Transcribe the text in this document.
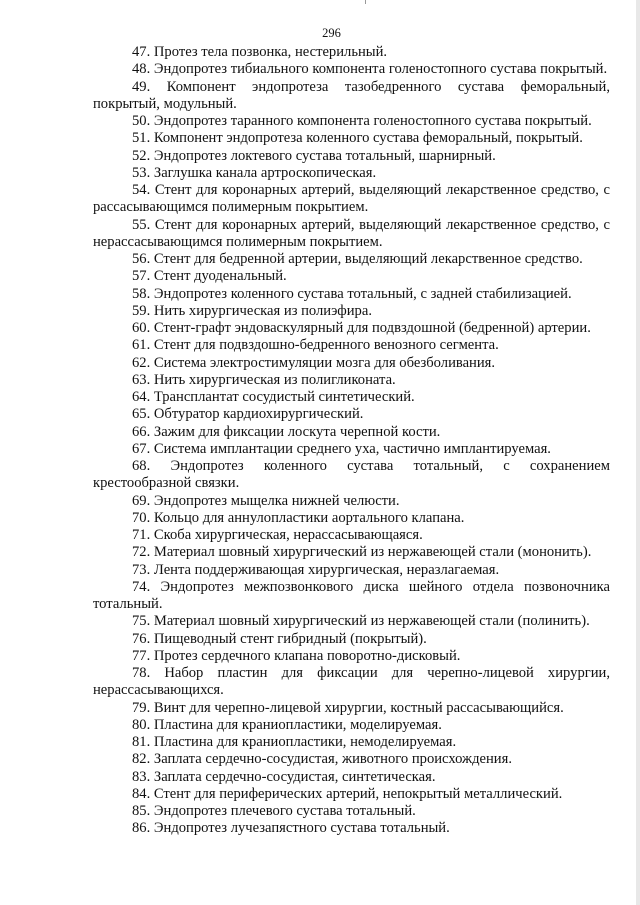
296

47. Протез тела позвонка, нестерильный.

48. Эндопротез тибиального компонента голеностопного сустава покрытый.

49. Компонент эндопротеза тазобедренного сустава феморальный, покрытый, модульный.

50. Эндопротез таранного компонента голеностопного сустава покрытый.

51. Компонент эндопротеза коленного сустава феморальный, покрытый.

52. Эндопротез локтевого сустава тотальный, шарнирный.

53. Заглушка канала артроскопическая.

54. Стент для коронарных артерий, выделяющий лекарственное средство, с рассасывающимся полимерным покрытием.

55. Стент для коронарных артерий, выделяющий лекарственное средство, с нерассасывающимся полимерным покрытием.

56. Стент для бедренной артерии, выделяющий лекарственное средство.

57. Стент дуоденальный.

58. Эндопротез коленного сустава тотальный, с задней стабилизацией.

59. Нить хирургическая из полиэфира.

60. Стент-графт эндоваскулярный для подвздошной (бедренной) артерии.

61. Стент для подвздошно-бедренного венозного сегмента.

62. Система электростимуляции мозга для обезболивания.

63. Нить хирургическая из полигликоната.

64. Трансплантат сосудистый синтетический.

65. Обтуратор кардиохирургический.

66. Зажим для фиксации лоскута черепной кости.

67. Система имплантации среднего уха, частично имплантируемая.

68. Эндопротез коленного сустава тотальный, с сохранением крестообразной связки.

69. Эндопротез мыщелка нижней челюсти.

70. Кольцо для аннулопластики аортального клапана.

71. Скоба хирургическая, нерассасывающаяся.

72. Материал шовный хирургический из нержавеющей стали (мононить).

73. Лента поддерживающая хирургическая, неразлагаемая.

74. Эндопротез межпозвонкового диска шейного отдела позвоночника тотальный.

75. Материал шовный хирургический из нержавеющей стали (полинить).

76. Пищеводный стент гибридный (покрытый).

77. Протез сердечного клапана поворотно-дисковый.

78. Набор пластин для фиксации для черепно-лицевой хирургии, нерассасывающихся.

79. Винт для черепно-лицевой хирургии, костный рассасывающийся.

80. Пластина для краниопластики, моделируемая.

81. Пластина для краниопластики, немоделируемая.

82. Заплата сердечно-сосудистая, животного происхождения.

83. Заплата сердечно-сосудистая, синтетическая.

84. Стент для периферических артерий, непокрытый металлический.

85. Эндопротез плечевого сустава тотальный.

86. Эндопротез лучезапястного сустава тотальный.
